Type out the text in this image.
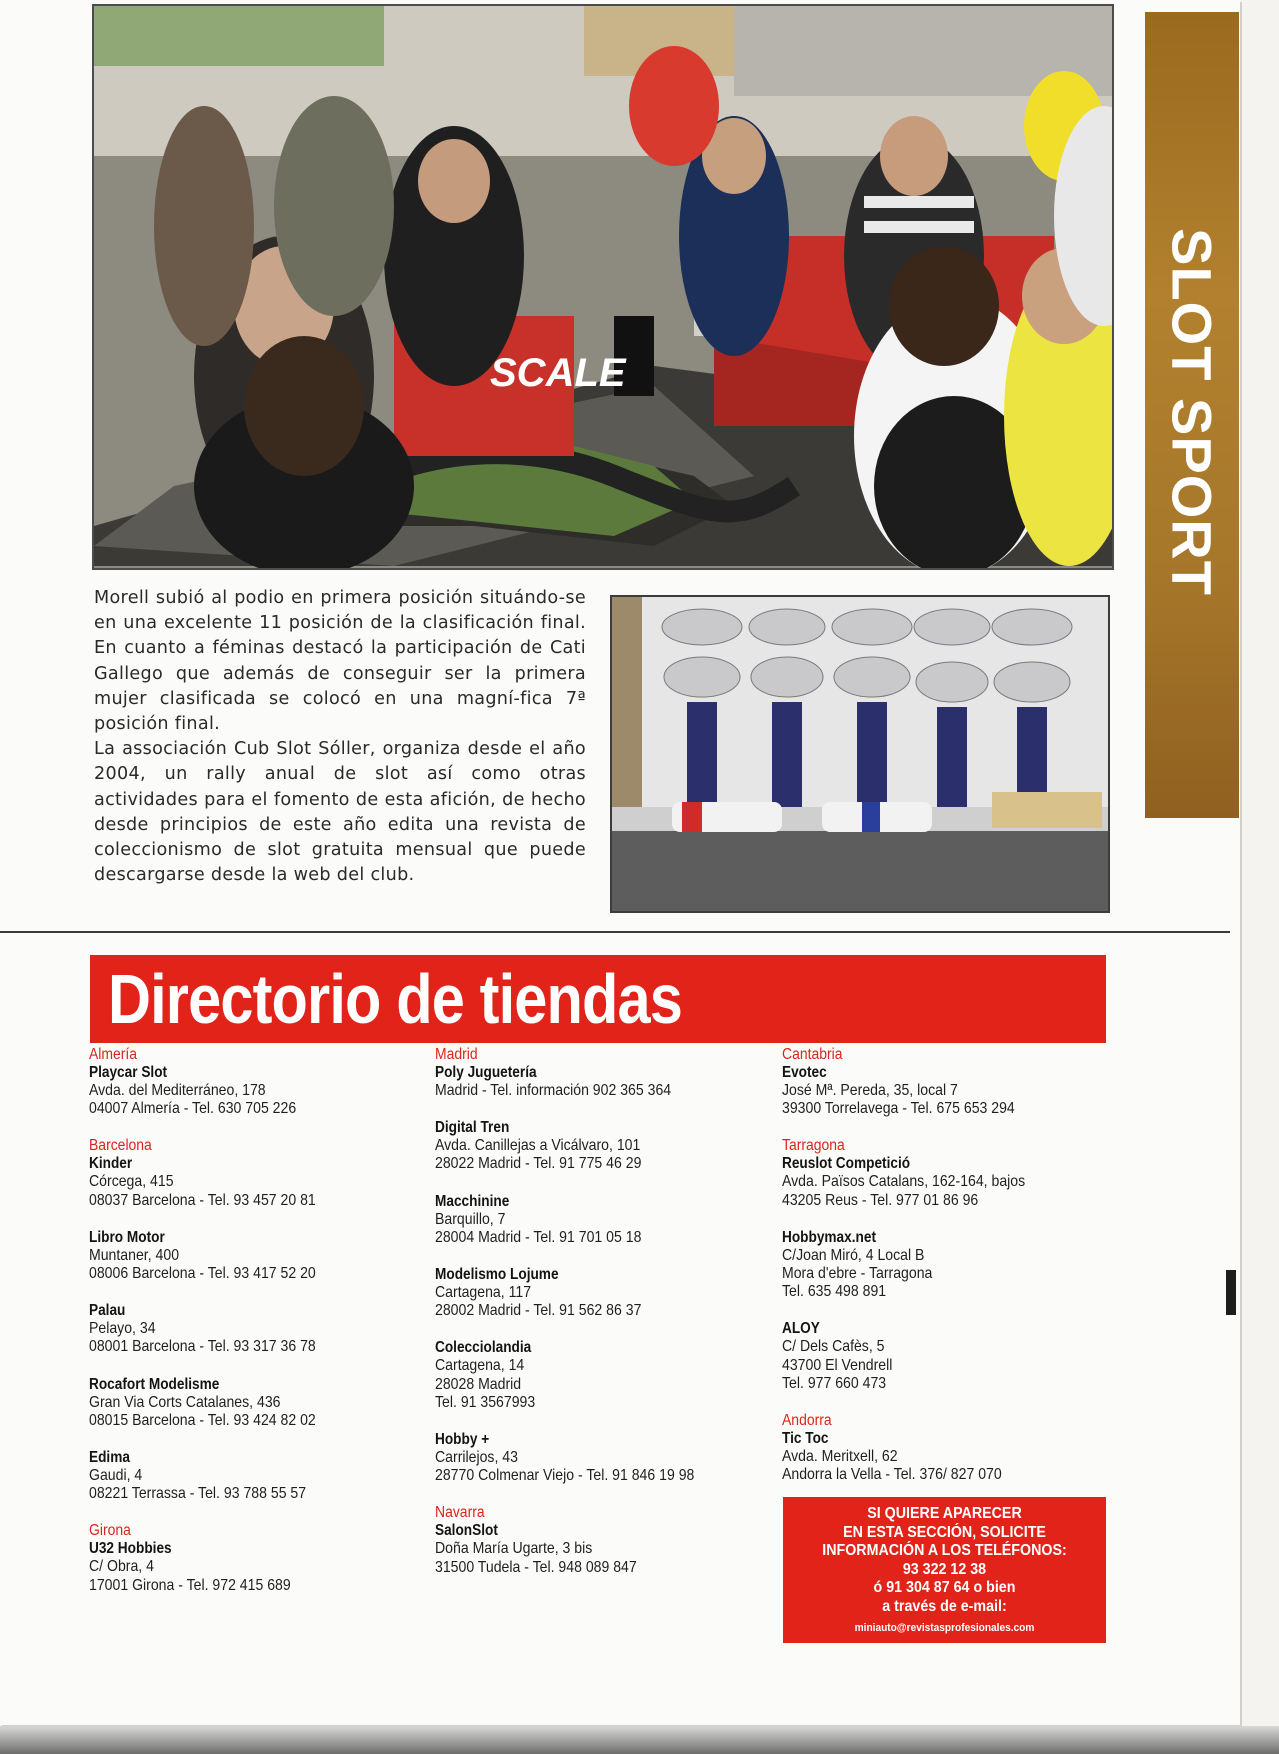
SCALE	SLOT SPORT

Morell subió al podio en primera posición situándo-se en una excelente 11 posición de la clasificación final. En cuanto a féminas destacó la participación de Cati Gallego que además de conseguir ser la primera mujer clasificada se colocó en una magní-fica 7ª posición final.

La associación Cub Slot Sóller, organiza desde el año 2004, un rally anual de slot así como otras actividades para el fomento de esta afición, de hecho desde principios de este año edita una revista de coleccionismo de slot gratuita mensual que puede descargarse desde la web del club.

Directorio de tiendas
Almería
Playcar Slot
Avda. del Mediterráneo, 178
04007 Almería - Tel. 630 705 226
Barcelona
Kinder
Córcega, 415
08037 Barcelona - Tel. 93 457 20 81
Libro Motor
Muntaner, 400
08006 Barcelona - Tel. 93 417 52 20
Palau
Pelayo, 34
08001 Barcelona - Tel. 93 317 36 78
Rocafort Modelisme
Gran Via Corts Catalanes, 436
08015 Barcelona - Tel. 93 424 82 02
Edima
Gaudi, 4
08221 Terrassa - Tel. 93 788 55 57
Girona
U32 Hobbies
C/ Obra, 4
17001 Girona - Tel. 972 415 689
Madrid
Poly Juguetería
Madrid - Tel. información 902 365 364
Digital Tren
Avda. Canillejas a Vicálvaro, 101
28022 Madrid - Tel. 91 775 46 29
Macchinine
Barquillo, 7
28004 Madrid - Tel. 91 701 05 18
Modelismo Lojume
Cartagena, 117
28002 Madrid - Tel. 91 562 86 37
Colecciolandia
Cartagena, 14
28028 Madrid
Tel. 91 3567993
Hobby +
Carrilejos, 43
28770 Colmenar Viejo - Tel. 91 846 19 98
Navarra
SalonSlot
Doña María Ugarte, 3 bis
31500 Tudela - Tel. 948 089 847
Cantabria
Evotec
José Mª. Pereda, 35, local 7
39300 Torrelavega - Tel. 675 653 294
Tarragona
Reuslot Competició
Avda. Països Catalans, 162-164, bajos
43205 Reus - Tel. 977 01 86 96
Hobbymax.net
C/Joan Miró, 4 Local B
Mora d'ebre - Tarragona
Tel. 635 498 891
ALOY
C/ Dels Cafès, 5
43700 El Vendrell
Tel. 977 660 473
Andorra
Tic Toc
Avda. Meritxell, 62
Andorra la Vella - Tel. 376/ 827 070
SI QUIERE APARECER
EN ESTA SECCIÓN, SOLICITE
INFORMACIÓN A LOS TELÉFONOS:
93 322 12 38
ó 91 304 87 64 o bien
a través de e-mail:
miniauto@revistasprofesionales.com
